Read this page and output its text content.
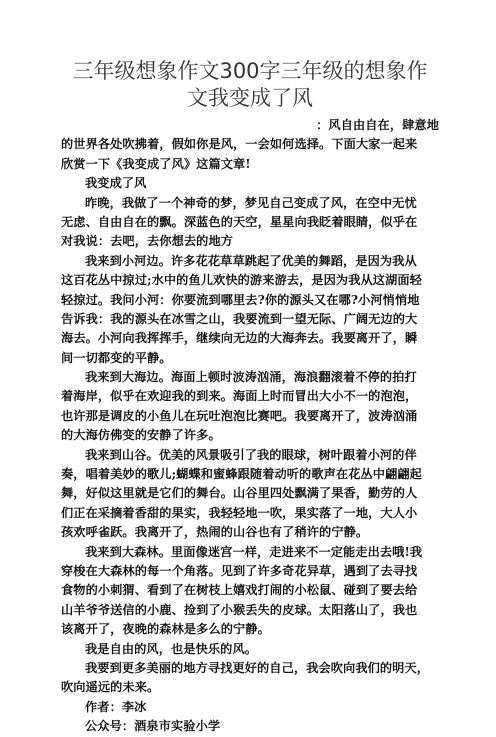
三年级想象作文300字三年级的想象作
文我变成了风
：风自由自在，肆意地
的世界各处吹拂着，假如你是风，一会如何选择。下面大家一起来
欣赏一下《我变成了风》这篇文章!
我变成了风
昨晚，我做了一个神奇的梦，梦见自己变成了风，在空中无忧
无虑、自由自在的飘。深蓝色的天空，星星向我眨着眼睛，似乎在
对我说：去吧，去你想去的地方
我来到小河边。许多花花草草跳起了优美的舞蹈，是因为我从
这百花丛中掠过;水中的鱼儿欢快的游来游去，是因为我从这湖面轻
轻掠过。我问小河：你要流到哪里去?你的源头又在哪?小河悄悄地
告诉我：我的源头在冰雪之山，我要流到一望无际、广阔无边的大
海去。小河向我挥挥手，继续向无边的大海奔去。我要离开了，瞬
间一切都变的平静。
我来到大海边。海面上顿时波涛汹涌，海浪翻滚着不停的拍打
着海岸，似乎在欢迎我的到来。海面上时而冒出大小不一的泡泡，
也许那是调皮的小鱼儿在玩吐泡泡比赛吧。我要离开了，波涛汹涌
的大海仿佛变的安静了许多。
我来到山谷。优美的风景吸引了我的眼球，树叶跟着小河的伴
奏，唱着美妙的歌儿;蝴蝶和蜜蜂跟随着动听的歌声在花丛中翩翩起
舞，好似这里就是它们的舞台。山谷里四处飘满了果香，勤劳的人
们正在采摘着香甜的果实，我轻轻地一吹，果实落了一地，大人小
孩欢呼雀跃。我离开了，热闹的山谷也有了稍许的宁静。
我来到大森林。里面像迷宫一样，走进来不一定能走出去哦!我
穿梭在大森林的每一个角落。见到了许多奇花异草，遇到了去寻找
食物的小刺猬、看到了在树枝上嬉戏打闹的小松鼠、碰到了要去给
山羊爷爷送信的小鹿、捡到了小猴丢失的皮球。太阳落山了，我也
该离开了，夜晚的森林是多么的宁静。
我是自由的风，也是快乐的风。
我要到更多美丽的地方寻找更好的自己，我会吹向我们的明天，
吹向遥远的未来。
作者：李冰
公众号：酒泉市实验小学
